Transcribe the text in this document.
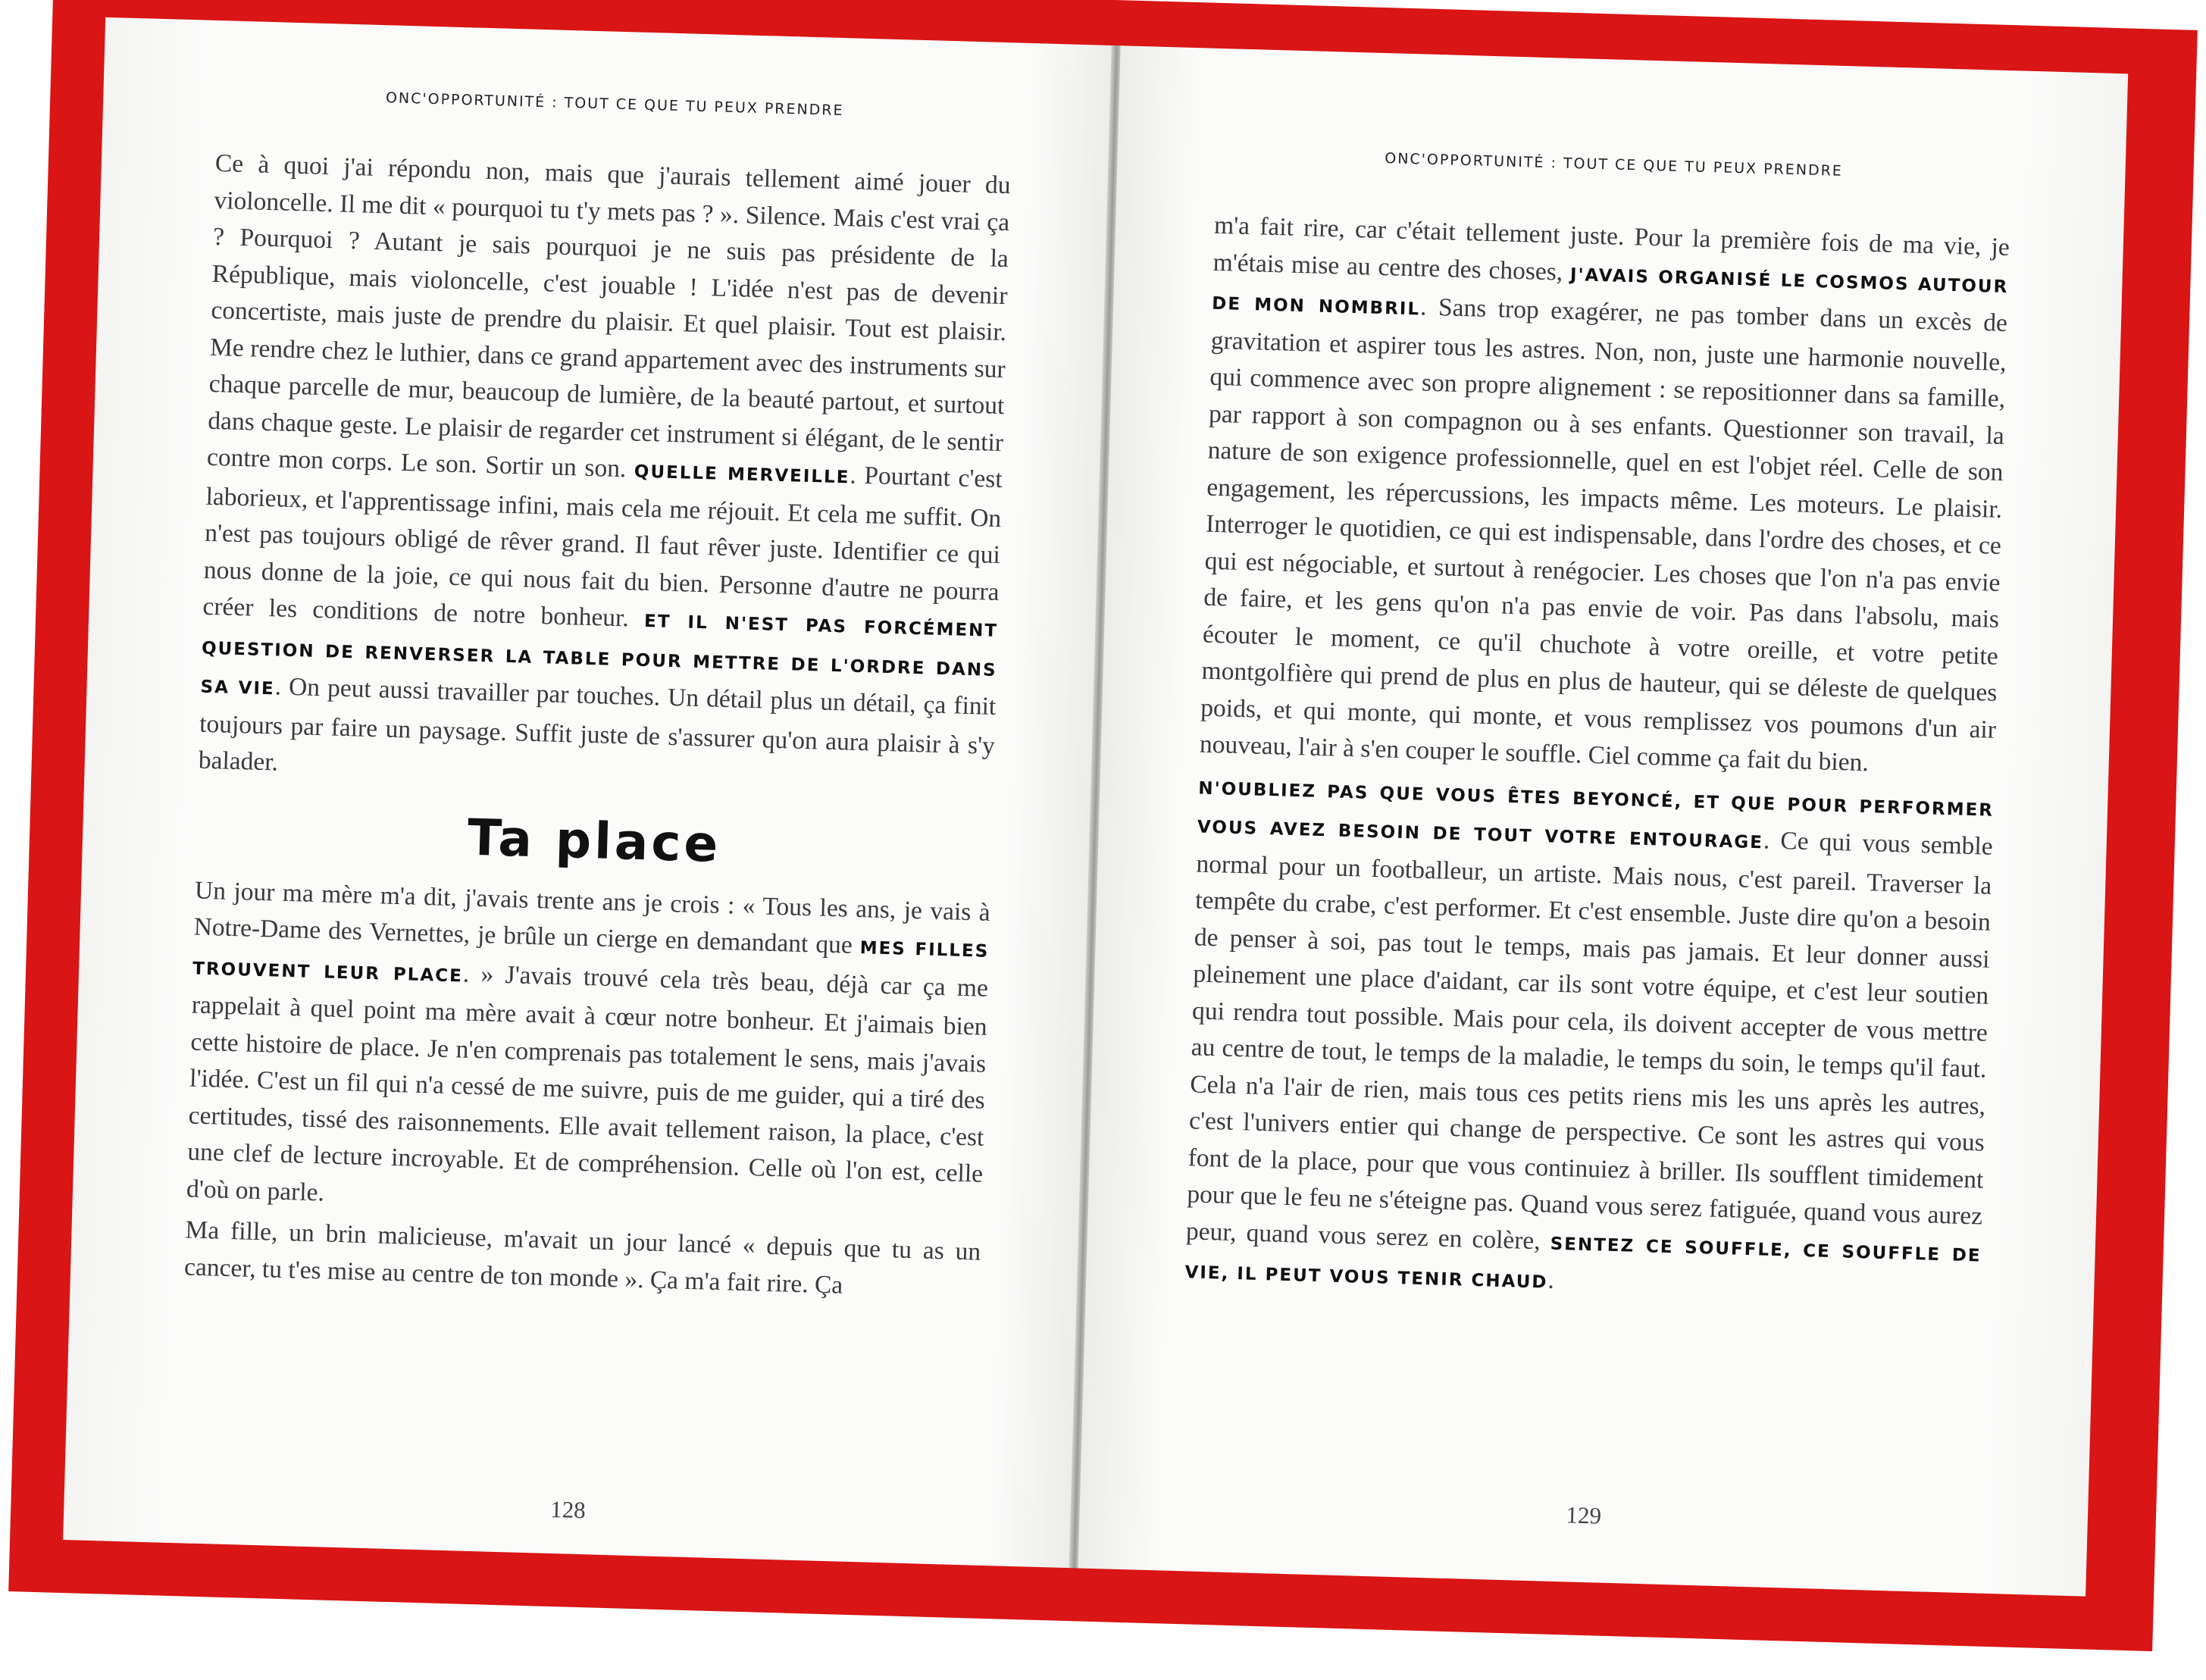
ONC'OPPORTUNITÉ : TOUT CE QUE TU PEUX PRENDRE

Ce à quoi j'ai répondu non, mais que j'aurais tellement aimé jouer du violoncelle. Il me dit « pourquoi tu t'y mets pas ? ». Silence. Mais c'est vrai ça ? Pourquoi ? Autant je sais pourquoi je ne suis pas présidente de la République, mais violoncelle, c'est jouable ! L'idée n'est pas de devenir concertiste, mais juste de prendre du plaisir. Et quel plaisir. Tout est plaisir. Me rendre chez le luthier, dans ce grand appartement avec des instruments sur chaque parcelle de mur, beaucoup de lumière, de la beauté partout, et surtout dans chaque geste. Le plaisir de regarder cet instrument si élégant, de le sentir contre mon corps. Le son. Sortir un son. QUELLE MERVEILLE. Pourtant c'est laborieux, et l'apprentissage infini, mais cela me réjouit. Et cela me suffit. On n'est pas toujours obligé de rêver grand. Il faut rêver juste. Identifier ce qui nous donne de la joie, ce qui nous fait du bien. Personne d'autre ne pourra créer les conditions de notre bonheur. ET IL N'EST PAS FORCÉMENT QUESTION DE RENVERSER LA TABLE POUR METTRE DE L'ORDRE DANS SA VIE. On peut aussi travailler par touches. Un détail plus un détail, ça finit toujours par faire un paysage. Suffit juste de s'assurer qu'on aura plaisir à s'y balader.

Ta place

Un jour ma mère m'a dit, j'avais trente ans je crois : « Tous les ans, je vais à Notre-Dame des Vernettes, je brûle un cierge en demandant que MES FILLES TROUVENT LEUR PLACE. » J'avais trouvé cela très beau, déjà car ça me rappelait à quel point ma mère avait à cœur notre bonheur. Et j'aimais bien cette histoire de place. Je n'en comprenais pas totalement le sens, mais j'avais l'idée. C'est un fil qui n'a cessé de me suivre, puis de me guider, qui a tiré des certitudes, tissé des raisonnements. Elle avait tellement raison, la place, c'est une clef de lecture incroyable. Et de compréhension. Celle où l'on est, celle d'où on parle.

Ma fille, un brin malicieuse, m'avait un jour lancé « depuis que tu as un cancer, tu t'es mise au centre de ton monde ». Ça m'a fait rire. Ça

128
ONC'OPPORTUNITÉ : TOUT CE QUE TU PEUX PRENDRE

m'a fait rire, car c'était tellement juste. Pour la première fois de ma vie, je m'étais mise au centre des choses, J'AVAIS ORGANISÉ LE COSMOS AUTOUR DE MON NOMBRIL. Sans trop exagérer, ne pas tomber dans un excès de gravitation et aspirer tous les astres. Non, non, juste une harmonie nouvelle, qui commence avec son propre alignement : se repositionner dans sa famille, par rapport à son compagnon ou à ses enfants. Questionner son travail, la nature de son exigence professionnelle, quel en est l'objet réel. Celle de son engagement, les répercussions, les impacts même. Les moteurs. Le plaisir. Interroger le quotidien, ce qui est indispensable, dans l'ordre des choses, et ce qui est négociable, et surtout à renégocier. Les choses que l'on n'a pas envie de faire, et les gens qu'on n'a pas envie de voir. Pas dans l'absolu, mais écouter le moment, ce qu'il chuchote à votre oreille, et votre petite montgolfière qui prend de plus en plus de hauteur, qui se déleste de quelques poids, et qui monte, qui monte, et vous remplissez vos poumons d'un air nouveau, l'air à s'en couper le souffle. Ciel comme ça fait du bien.

N'OUBLIEZ PAS QUE VOUS ÊTES BEYONCÉ, ET QUE POUR PERFORMER VOUS AVEZ BESOIN DE TOUT VOTRE ENTOURAGE. Ce qui vous semble normal pour un footballeur, un artiste. Mais nous, c'est pareil. Traverser la tempête du crabe, c'est performer. Et c'est ensemble. Juste dire qu'on a besoin de penser à soi, pas tout le temps, mais pas jamais. Et leur donner aussi pleinement une place d'aidant, car ils sont votre équipe, et c'est leur soutien qui rendra tout possible. Mais pour cela, ils doivent accepter de vous mettre au centre de tout, le temps de la maladie, le temps du soin, le temps qu'il faut. Cela n'a l'air de rien, mais tous ces petits riens mis les uns après les autres, c'est l'univers entier qui change de perspective. Ce sont les astres qui vous font de la place, pour que vous continuiez à briller. Ils soufflent timidement pour que le feu ne s'éteigne pas. Quand vous serez fatiguée, quand vous aurez peur, quand vous serez en colère, SENTEZ CE SOUFFLE, CE SOUFFLE DE VIE, IL PEUT VOUS TENIR CHAUD.

129
